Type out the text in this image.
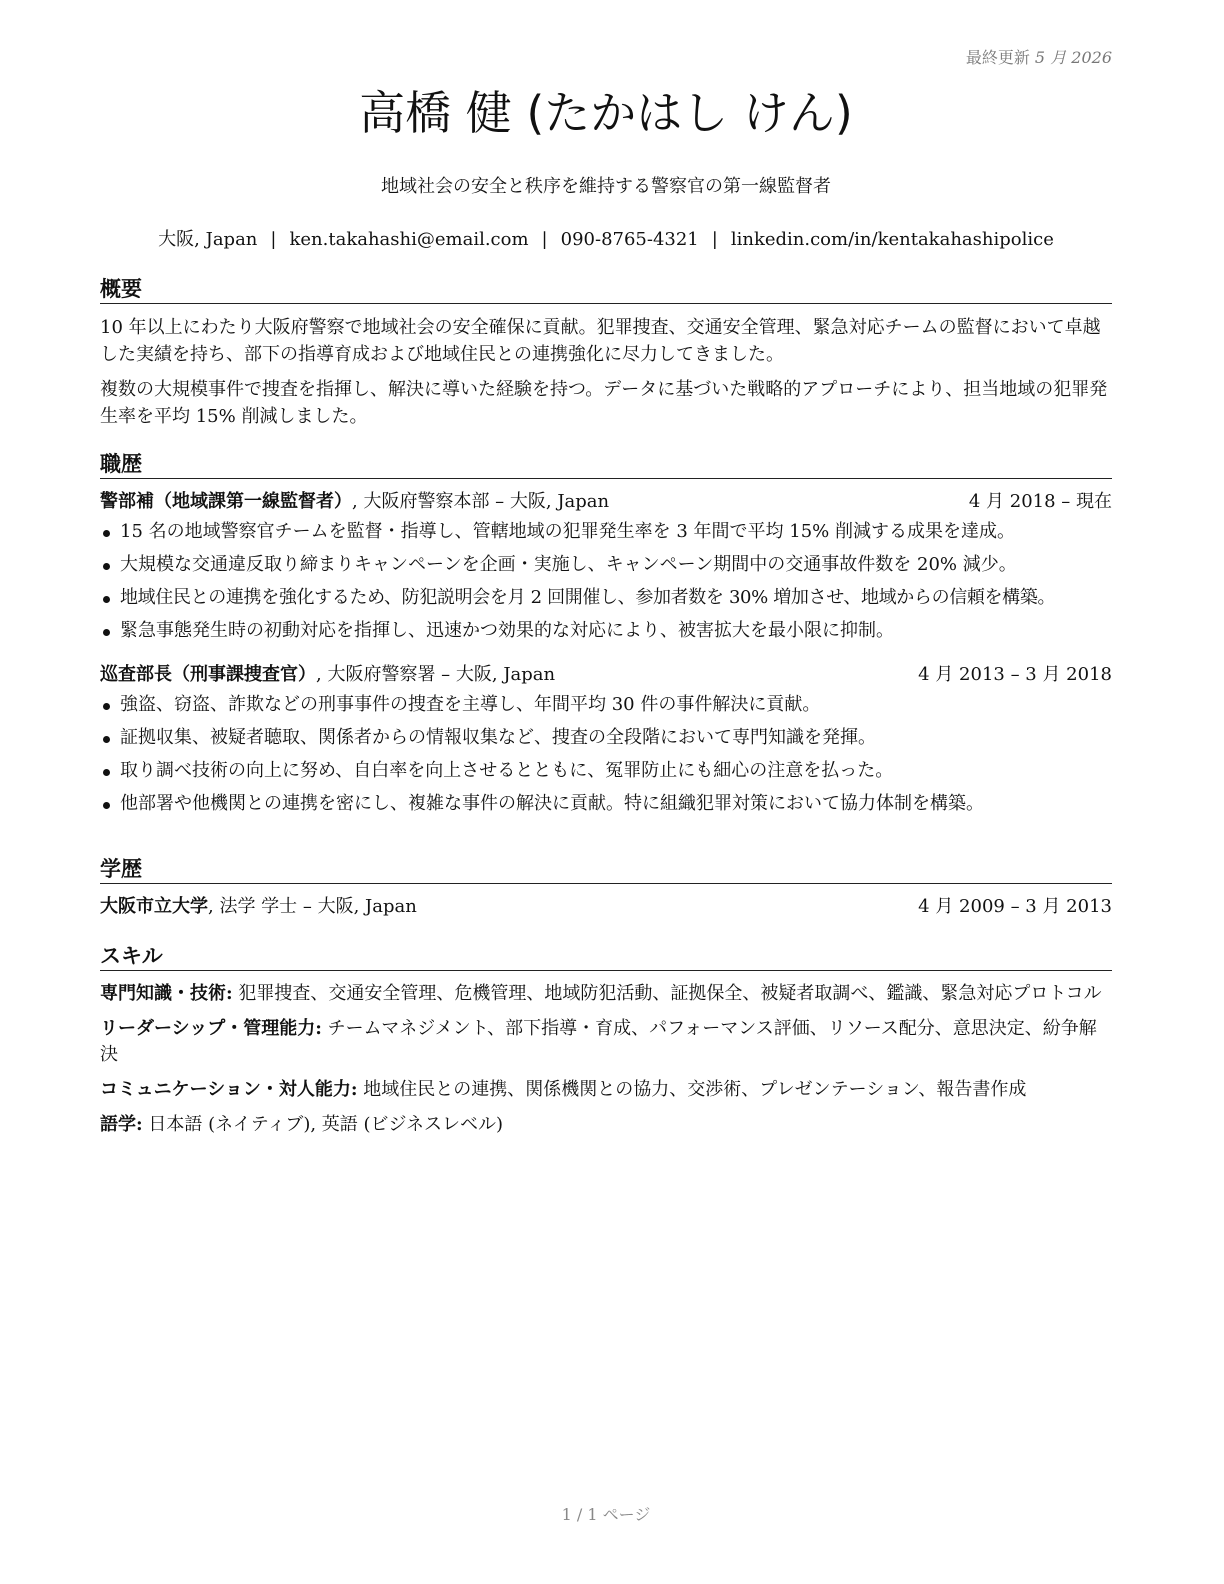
最終更新 5 月 2026
高橋 健 (たかはし けん)
地域社会の安全と秩序を維持する警察官の第一線監督者
大阪, Japan | ken.takahashi@email.com | 090-8765-4321 | linkedin.com/in/kentakahashipolice
概要

10 年以上にわたり大阪府警察で地域社会の安全確保に貢献。犯罪捜査、交通安全管理、緊急対応チームの監督において卓越した実績を持ち、部下の指導育成および地域住民との連携強化に尽力してきました。

複数の大規模事件で捜査を指揮し、解決に導いた経験を持つ。データに基づいた戦略的アプローチにより、担当地域の犯罪発生率を平均 15% 削減しました。

職歴
警部補（地域課第一線監督者）, 大阪府警察本部 – 大阪, Japan	4 月 2018 – 現在
15 名の地域警察官チームを監督・指導し、管轄地域の犯罪発生率を 3 年間で平均 15% 削減する成果を達成。
大規模な交通違反取り締まりキャンペーンを企画・実施し、キャンペーン期間中の交通事故件数を 20% 減少。
地域住民との連携を強化するため、防犯説明会を月 2 回開催し、参加者数を 30% 増加させ、地域からの信頼を構築。
緊急事態発生時の初動対応を指揮し、迅速かつ効果的な対応により、被害拡大を最小限に抑制。
巡査部長（刑事課捜査官）, 大阪府警察署 – 大阪, Japan	4 月 2013 – 3 月 2018
強盗、窃盗、詐欺などの刑事事件の捜査を主導し、年間平均 30 件の事件解決に貢献。
証拠収集、被疑者聴取、関係者からの情報収集など、捜査の全段階において専門知識を発揮。
取り調べ技術の向上に努め、自白率を向上させるとともに、冤罪防止にも細心の注意を払った。
他部署や他機関との連携を密にし、複雑な事件の解決に貢献。特に組織犯罪対策において協力体制を構築。
学歴
大阪市立大学, 法学 学士 – 大阪, Japan	4 月 2009 – 3 月 2013
スキル
専門知識・技術: 犯罪捜査、交通安全管理、危機管理、地域防犯活動、証拠保全、被疑者取調べ、鑑識、緊急対応プロトコル
リーダーシップ・管理能力: チームマネジメント、部下指導・育成、パフォーマンス評価、リソース配分、意思決定、紛争解決
コミュニケーション・対人能力: 地域住民との連携、関係機関との協力、交渉術、プレゼンテーション、報告書作成
語学: 日本語 (ネイティブ), 英語 (ビジネスレベル)
1 / 1 ページ
